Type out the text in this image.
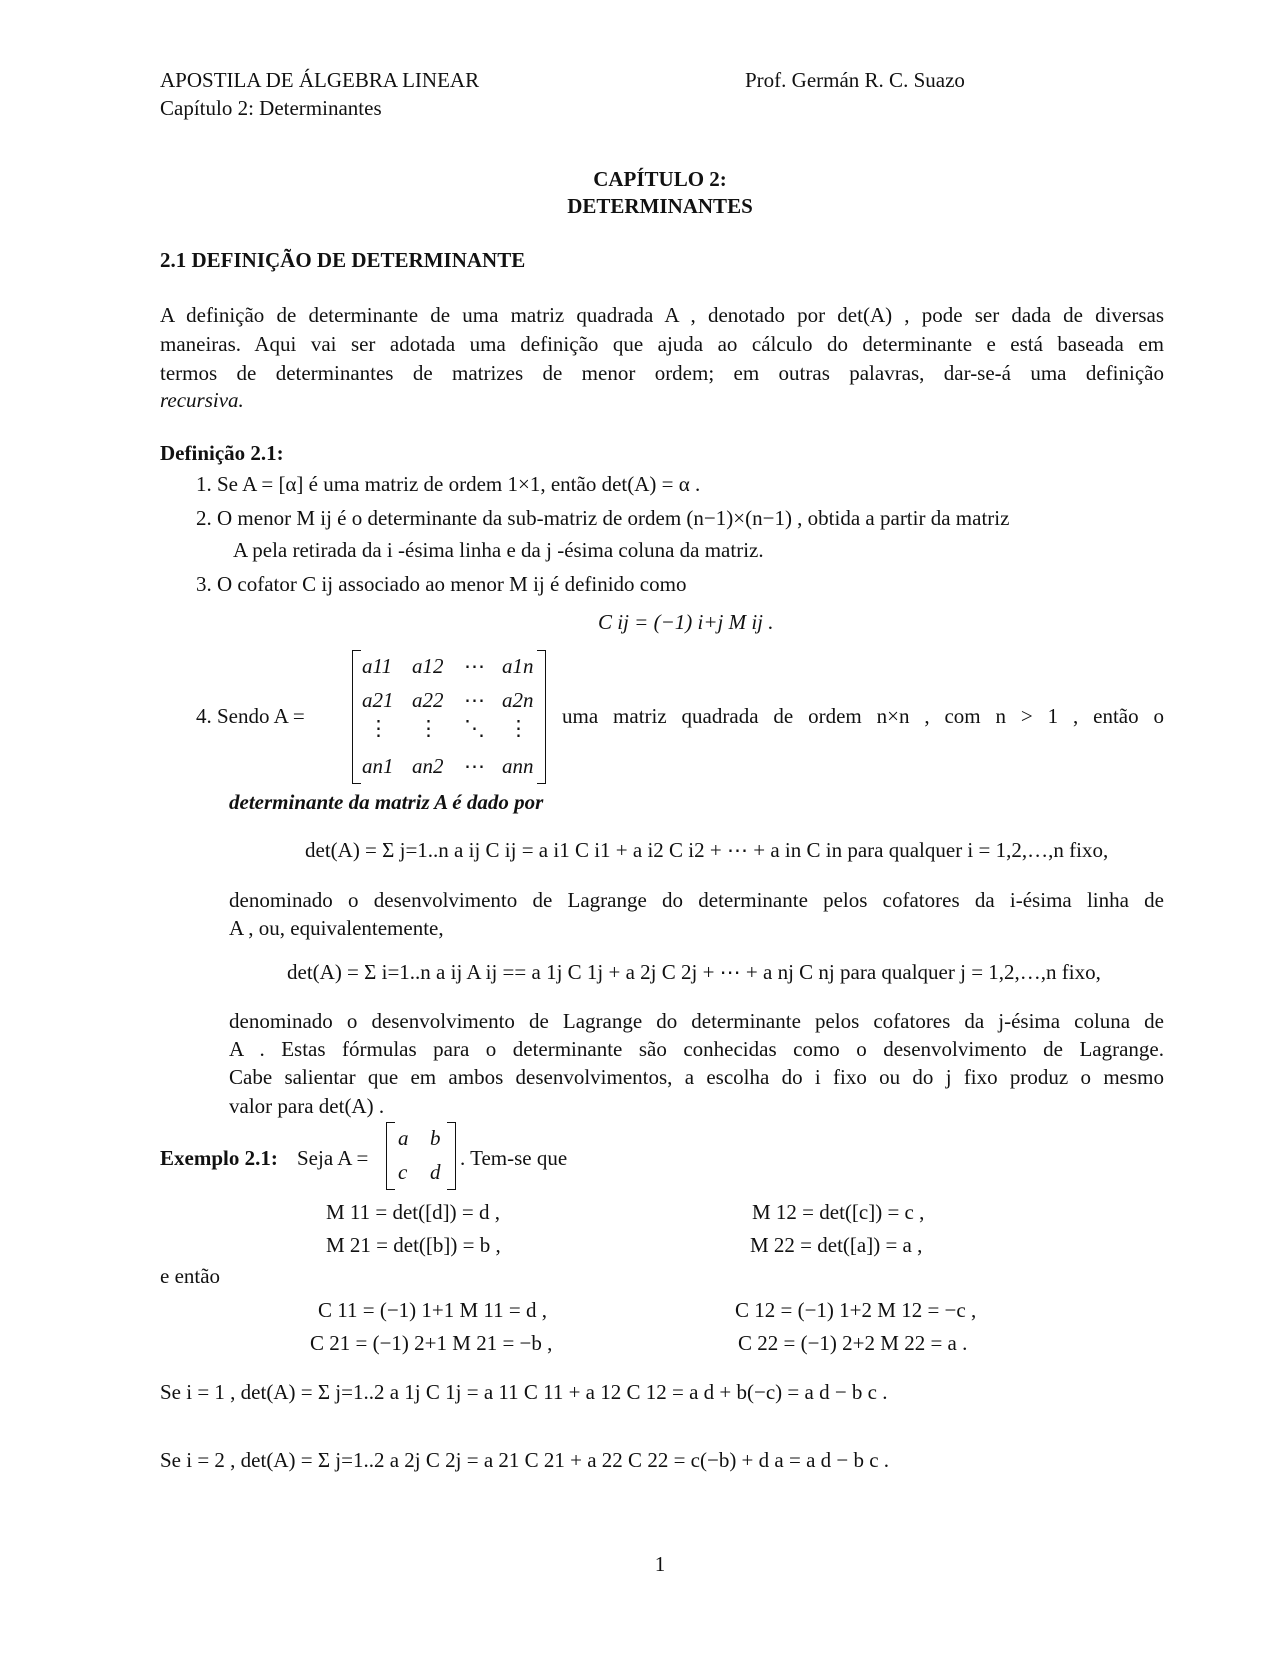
APOSTILA DE ÁLGEBRA LINEAR	Prof. Germán R. C. Suazo
Capítulo 2: Determinantes
CAPÍTULO 2:
DETERMINANTES
2.1 DEFINIÇÃO DE DETERMINANTE
A definição de determinante de uma matriz quadrada A , denotado por det(A) , pode ser dada de diversas
maneiras. Aqui vai ser adotada uma definição que ajuda ao cálculo do determinante e está baseada em
termos de determinantes de matrizes de menor ordem; em outras palavras, dar-se-á uma definição
recursiva.
Definição 2.1:
1. Se A = [α] é uma matriz de ordem 1×1, então det(A) = α .
2. O menor M ij é o determinante da sub-matriz de ordem (n−1)×(n−1) , obtida a partir da matriz
A pela retirada da i -ésima linha e da j -ésima coluna da matriz.
3. O cofator C ij associado ao menor M ij é definido como
C ij = (−1) i+j M ij .
4. Sendo A =
a11 a12 ⋯ a1n
a21 a22 ⋯ a2n
⋮ ⋮ ⋱ ⋮
an1 an2 ⋯ ann
uma matriz quadrada de ordem n×n , com n > 1 , então o
determinante da matriz A é dado por
det(A) = Σ j=1..n a ij C ij = a i1 C i1 + a i2 C i2 + ⋯ + a in C in para qualquer i = 1,2,…,n fixo,
denominado o desenvolvimento de Lagrange do determinante pelos cofatores da i-ésima linha de
A , ou, equivalentemente,
det(A) = Σ i=1..n a ij A ij == a 1j C 1j + a 2j C 2j + ⋯ + a nj C nj para qualquer j = 1,2,…,n fixo,
denominado o desenvolvimento de Lagrange do determinante pelos cofatores da j-ésima coluna de
A . Estas fórmulas para o determinante são conhecidas como o desenvolvimento de Lagrange.
Cabe salientar que em ambos desenvolvimentos, a escolha do i fixo ou do j fixo produz o mesmo
valor para det(A) .
Exemplo 2.1: Seja A =
a b
c d
. Tem-se que
M 11 = det([d]) = d ,	M 12 = det([c]) = c ,
M 21 = det([b]) = b ,	M 22 = det([a]) = a ,
e então
C 11 = (−1) 1+1 M 11 = d ,	C 12 = (−1) 1+2 M 12 = −c ,
C 21 = (−1) 2+1 M 21 = −b ,	C 22 = (−1) 2+2 M 22 = a .
Se i = 1 , det(A) = Σ j=1..2 a 1j C 1j = a 11 C 11 + a 12 C 12 = a d + b(−c) = a d − b c .
Se i = 2 , det(A) = Σ j=1..2 a 2j C 2j = a 21 C 21 + a 22 C 22 = c(−b) + d a = a d − b c .
1
